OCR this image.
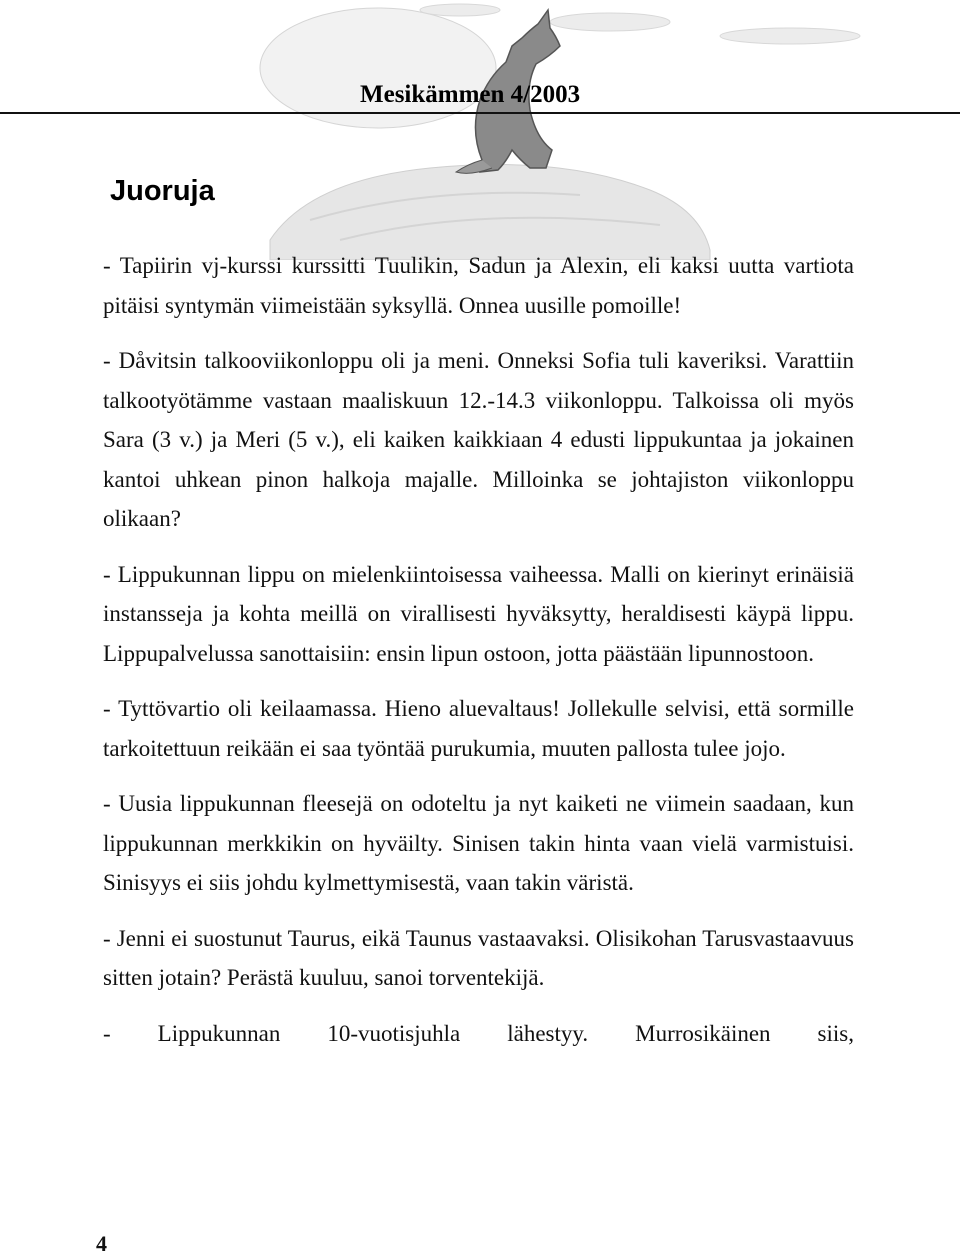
Mesikämmen 4/2003
Juoruja

- Tapiirin vj-kurssi kurssitti Tuulikin, Sadun ja Alexin, eli kaksi uutta vartiota pitäisi syntymän viimeistään syksyllä. Onnea uusille pomoille!

- Dåvitsin talkooviikonloppu oli ja meni. Onneksi Sofia tuli kaveriksi. Varattiin talkootyötämme vastaan maaliskuun 12.-14.3 viikonloppu. Talkoissa oli myös Sara (3 v.) ja Meri (5 v.), eli kaiken kaikkiaan 4 edusti lippukuntaa ja jokainen kantoi uhkean pinon halkoja majalle. Milloinka se johtajiston viikonloppu olikaan?

- Lippukunnan lippu on mielenkiintoisessa vaiheessa. Malli on kierinyt erinäisiä instansseja ja kohta meillä on virallisesti hyväksytty, heraldisesti käypä lippu. Lippupalvelussa sanottaisiin: ensin lipun ostoon, jotta päästään lipunnostoon.

- Tyttövartio oli keilaamassa. Hieno aluevaltaus! Jollekulle selvisi, että sormille tarkoitettuun reikään ei saa työntää purukumia, muuten pallosta tulee jojo.

- Uusia lippukunnan fleesejä on odoteltu ja nyt kaiketi ne viimein saadaan, kun lippukunnan merkkikin on hyväilty. Sinisen takin hinta vaan vielä varmistuisi. Sinisyys ei siis johdu kylmettymisestä, vaan takin väristä.

- Jenni ei suostunut Taurus, eikä Taunus vastaavaksi. Olisikohan Tarusvastaavuus sitten jotain? Perästä kuuluu, sanoi torventekijä.

- Lippukunnan 10-vuotisjuhla lähestyy. Murrosikäinen siis,

4
